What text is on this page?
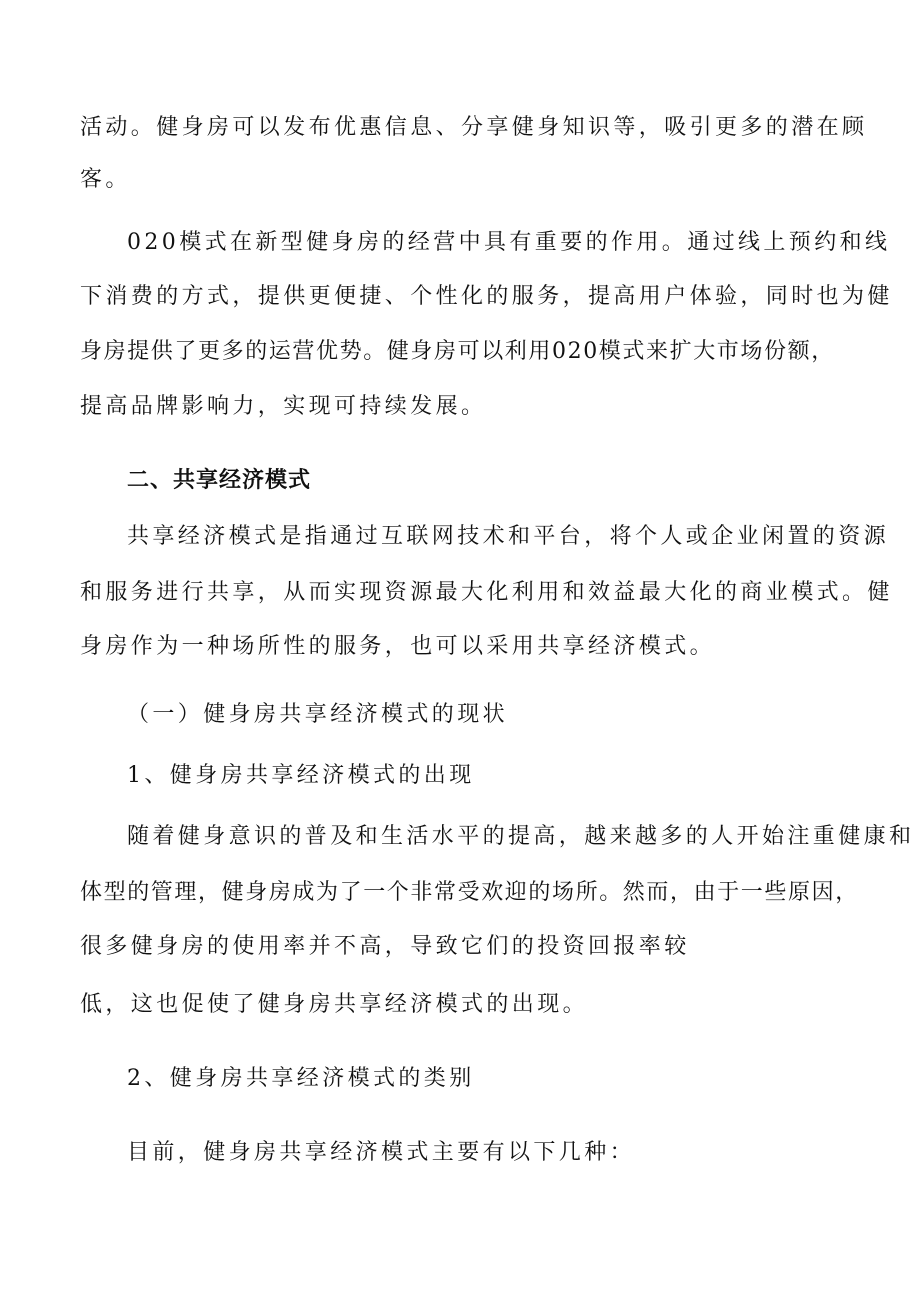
活动。健身房可以发布优惠信息、分享健身知识等，吸引更多的潜在顾
客。
020模式在新型健身房的经营中具有重要的作用。通过线上预约和线
下消费的方式，提供更便捷、个性化的服务，提高用户体验，同时也为健
身房提供了更多的运营优势。健身房可以利用020模式来扩大市场份额，
提高品牌影响力，实现可持续发展。
二、共享经济模式
共享经济模式是指通过互联网技术和平台，将个人或企业闲置的资源
和服务进行共享，从而实现资源最大化利用和效益最大化的商业模式。健
身房作为一种场所性的服务，也可以采用共享经济模式。
（一）健身房共享经济模式的现状
1、健身房共享经济模式的出现
随着健身意识的普及和生活水平的提高，越来越多的人开始注重健康和
体型的管理，健身房成为了一个非常受欢迎的场所。然而，由于一些原因，
很多健身房的使用率并不高，导致它们的投资回报率较
低，这也促使了健身房共享经济模式的出现。
2、健身房共享经济模式的类别
目前，健身房共享经济模式主要有以下几种：
